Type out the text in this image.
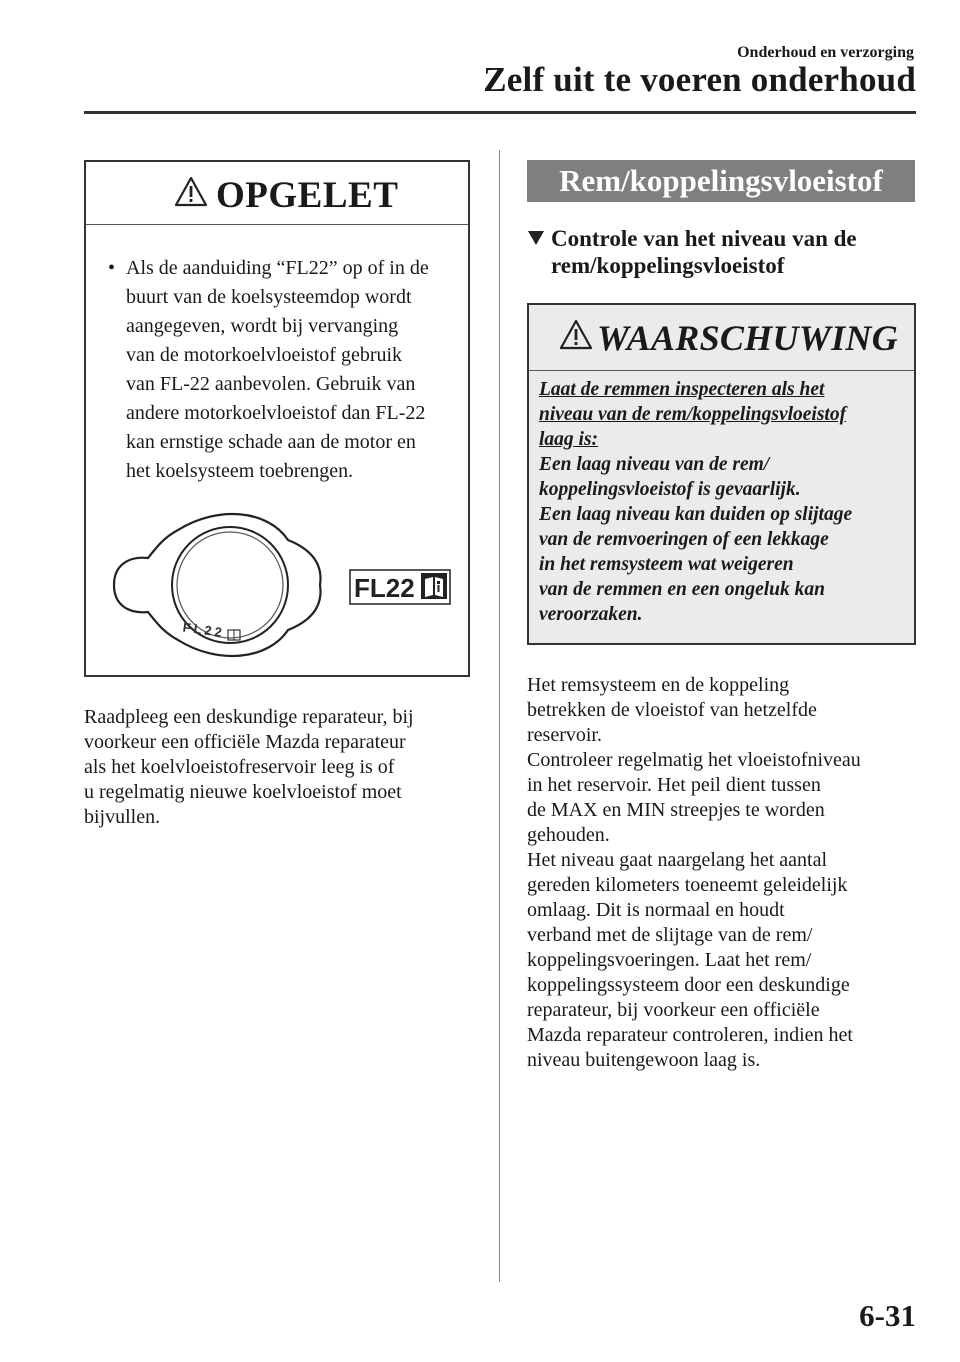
Onderhoud en verzorging
Zelf uit te voeren onderhoud
OPGELET
• Als de aanduiding “FL22” op of in de
buurt van de koelsysteemdop wordt
aangegeven, wordt bij vervanging
van de motorkoelvloeistof gebruik
van FL-22 aanbevolen. Gebruik van
andere motorkoelvloeistof dan FL-22
kan ernstige schade aan de motor en
het koelsysteem toebrengen.
FL22
FL22
Raadpleeg een deskundige reparateur, bij
voorkeur een officiële Mazda reparateur
als het koelvloeistofreservoir leeg is of
u regelmatig nieuwe koelvloeistof moet
bijvullen.
Rem/koppelingsvloeistof
Controle van het niveau van de
rem/koppelingsvloeistof
WAARSCHUWING
Laat de remmen inspecteren als het
niveau van de rem/koppelingsvloeistof
laag is:
Een laag niveau van de rem/
koppelingsvloeistof is gevaarlijk.
Een laag niveau kan duiden op slijtage
van de remvoeringen of een lekkage
in het remsysteem wat weigeren
van de remmen en een ongeluk kan
veroorzaken.
Het remsysteem en de koppeling
betrekken de vloeistof van hetzelfde
reservoir.
Controleer regelmatig het vloeistofniveau
in het reservoir. Het peil dient tussen
de MAX en MIN streepjes te worden
gehouden.
Het niveau gaat naargelang het aantal
gereden kilometers toeneemt geleidelijk
omlaag. Dit is normaal en houdt
verband met de slijtage van de rem/
koppelingsvoeringen. Laat het rem/
koppelingssysteem door een deskundige
reparateur, bij voorkeur een officiële
Mazda reparateur controleren, indien het
niveau buitengewoon laag is.
6-31
